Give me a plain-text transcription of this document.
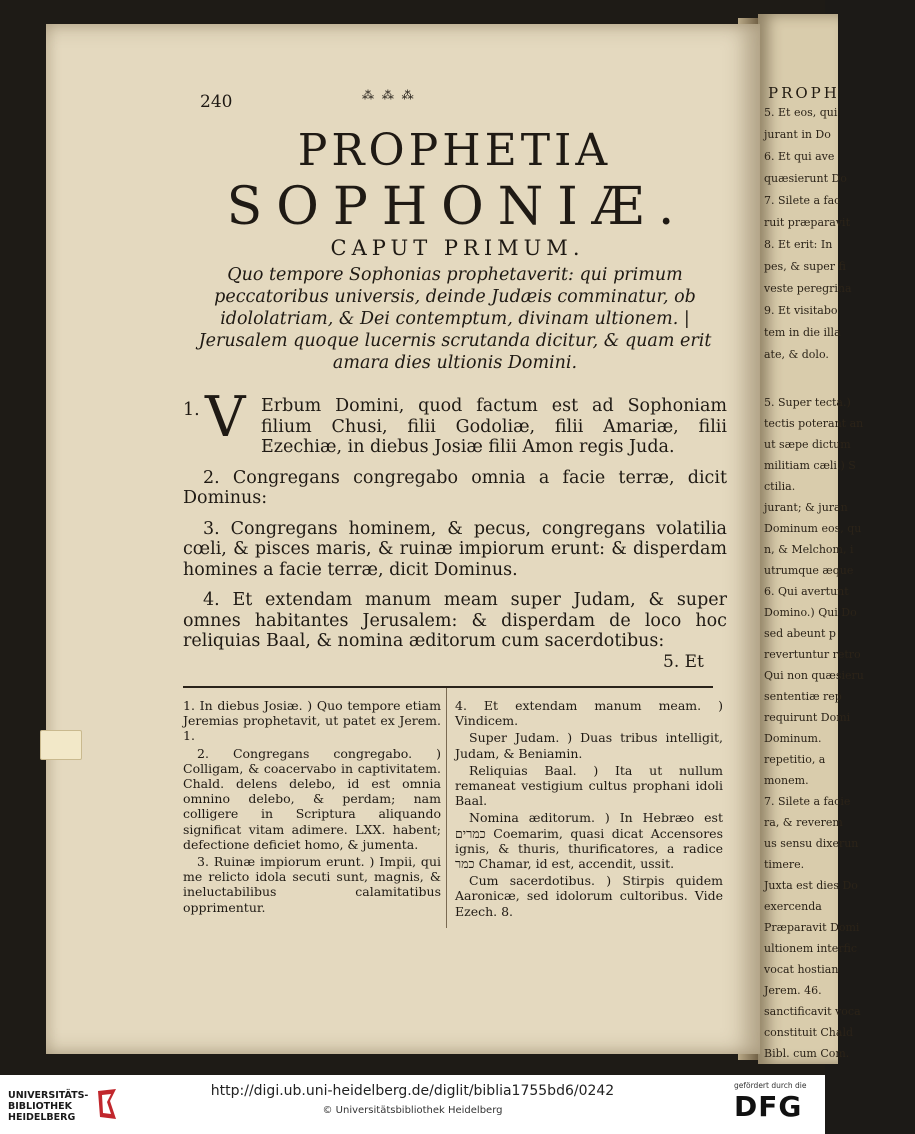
PROPH
5. Et eos, qui
jurant in Do
6. Et qui ave
quæsierunt Do
7. Silete a fac
ruit præparavit
8. Et erit: In
pes, & super fi
veste peregrina
9. Et visitabo
tem in die illa
ate, & dolo.
5. Super tecta.)
tectis poterant an
ut sæpe dictum
militiam cæli.) S
ctilia.
jurant; & juran
Dominum eos, qu
n, & Melchom, i
utrumque æque
6. Qui avertunt
Domino.) Qui Do
sed abeunt p
revertuntur retro
Qui non quæsieru
sententiæ rep
requirunt Domi
Dominum.
repetitio, a
monem.
7. Silete a facie
ra, & reverem
us sensu dixerun
timere.
Juxta est dies Do
exercenda
Præparavit Domi
ultionem interfic
vocat hostian
Jerem. 46.
sanctificavit voca
constituit Chald
Bibl. cum Com.
240	⁂ ⁂ ⁂
PROPHETIA
SOPHONIÆ.
CAPUT PRIMUM.
Quo tempore Sophonias prophetaverit: qui primum peccatoribus universis, deinde Judæis comminatur, ob idololatriam, & Dei contemptum, divinam ultionem. | Jerusalem quoque lucernis scrutanda dicitur, & quam erit amara dies ultionis Domini.

1. V Erbum Domini, quod factum est ad Sophoniam filium Chusi, filii Godoliæ, filii Amariæ, filii Ezechiæ, in diebus Josiæ filii Amon regis Juda.

2. Congregans congregabo omnia a facie terræ, dicit Dominus:

3. Congregans hominem, & pecus, congregans volatilia cœli, & pisces maris, & ruinæ impiorum erunt: & disperdam homines a facie terræ, dicit Dominus.

4. Et extendam manum meam super Judam, & super omnes habitantes Jerusalem: & disperdam de loco hoc reliquias Baal, & nomina æditorum cum sacerdotibus:

5. Et

1. In diebus Josiæ. ) Quo tempore etiam Jeremias prophetavit, ut patet ex Jerem. 1.

2. Congregans congregabo. ) Colligam, & coacervabo in captivitatem. Chald. delens delebo, id est omnia omnino delebo, & perdam; nam colligere in Scriptura aliquando significat vitam adimere. LXX. habent; defectione deficiet homo, & jumenta.

3. Ruinæ impiorum erunt. ) Impii, qui me relicto idola secuti sunt, magnis, & ineluctabilibus calamitatibus opprimentur.

4. Et extendam manum meam. ) Vindicem.

Super Judam. ) Duas tribus intelligit, Judam, & Beniamin.

Reliquias Baal. ) Ita ut nullum remaneat vestigium cultus prophani idoli Baal.

Nomina æditorum. ) In Hebræo est כמרים Coemarim, quasi dicat Accensores ignis, & thuris, thurificatores, a radice כמר Chamar, id est, accendit, ussit.

Cum sacerdotibus. ) Stirpis quidem Aaronicæ, sed idolorum cultoribus. Vide Ezech. 8.

UNIVERSITÄTS-
BIBLIOTHEK
HEIDELBERG
http://digi.ub.uni-heidelberg.de/diglit/biblia1755bd6/0242
© Universitätsbibliothek Heidelberg
gefördert durch die
DFG
